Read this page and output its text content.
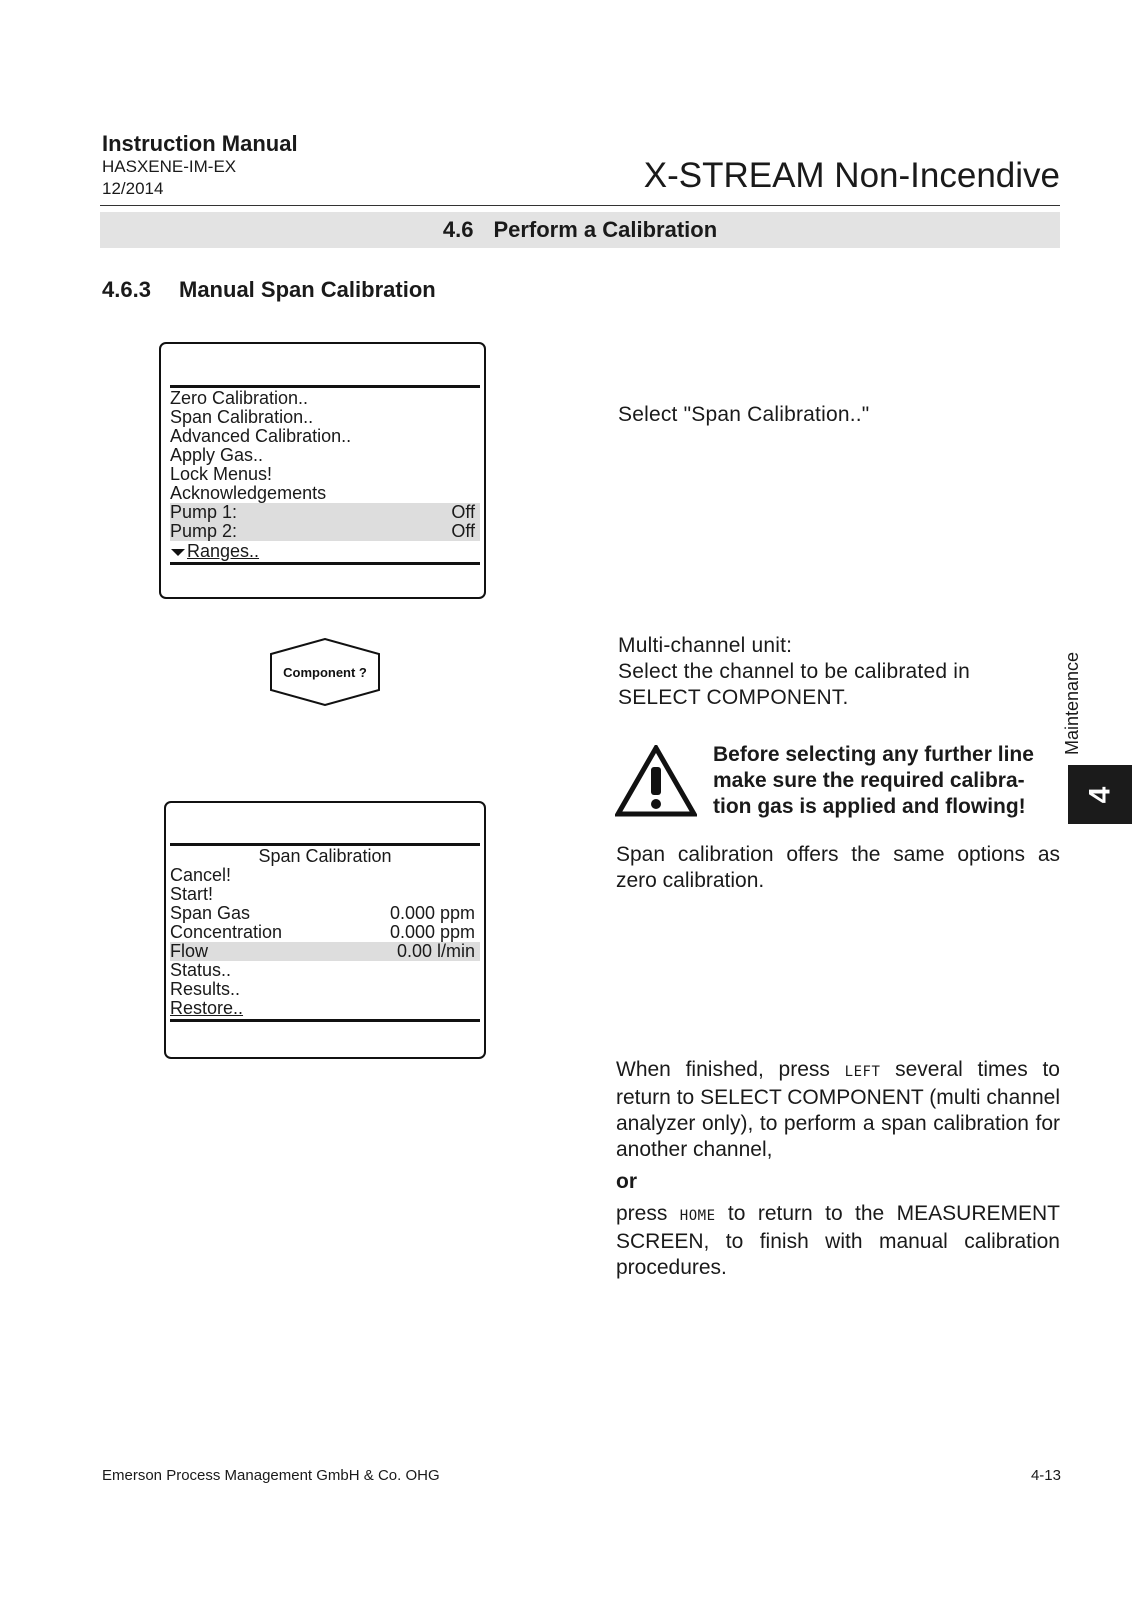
Instruction Manual
HASXENE-IM-EX
12/2014	X-STREAM Non-Incendive
4.6 Perform a Calibration
4.6.3 Manual Span Calibration
Zero Calibration..
Span Calibration..
Advanced Calibration..
Apply Gas..
Lock Menus!
Acknowledgements
Pump 1:	Off
Pump 2:	Off
Ranges..
Component ?
Span Calibration
Cancel!
Start!
Span Gas	0.000 ppm
Concentration	0.000 ppm
Flow	0.00 l/min
Status..
Results..
Restore..
Select "Span Calibration.."
Multi-channel unit:
Select the channel to be calibrated in
SELECT COMPONENT.
Before selecting any further line
make sure the required calibra-
tion gas is applied and flowing!
Span calibration offers the same options as zero calibration.

When finished, press LEFT several times to return to SELECT COMPONENT (multi channel analyzer only), to perform a span calibration for another channel,

or

press HOME to return to the MEASUREMENT SCREEN, to finish with manual calibration procedures.

Maintenance
4
Emerson Process Management GmbH & Co. OHG	4-13
